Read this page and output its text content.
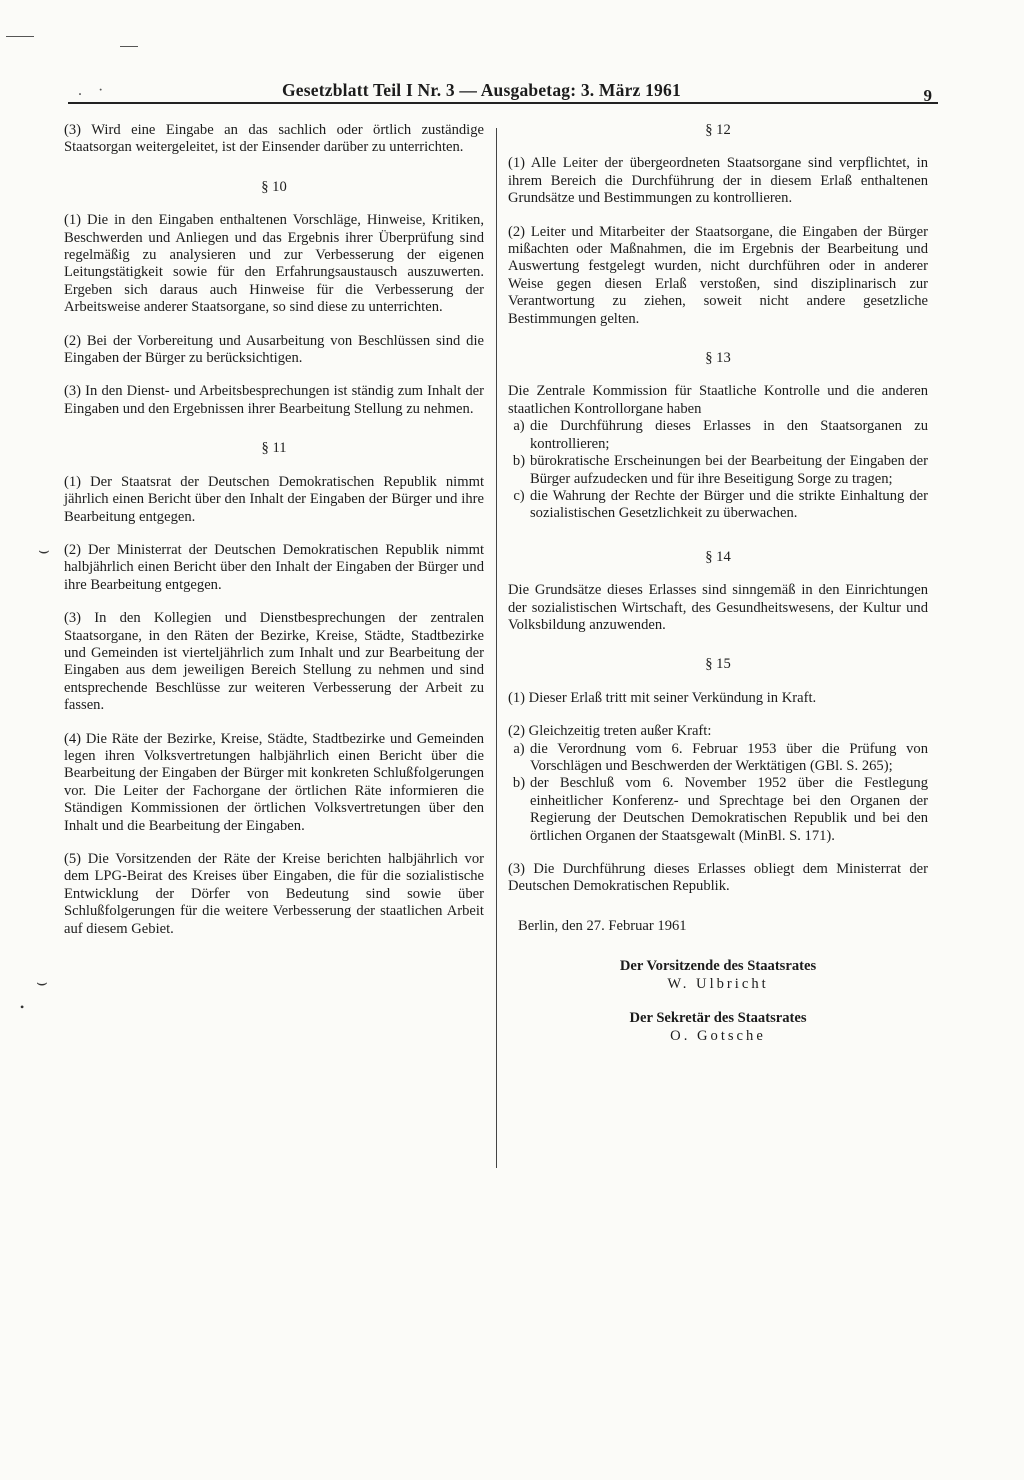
. ·	Gesetzblatt Teil I Nr. 3 — Ausgabetag: 3. März 1961	9
⌣
⌣
•

(3) Wird eine Eingabe an das sachlich oder örtlich zuständige Staatsorgan weitergeleitet, ist der Einsender darüber zu unterrichten.

§ 10

(1) Die in den Eingaben enthaltenen Vorschläge, Hinweise, Kritiken, Beschwerden und Anliegen und das Ergebnis ihrer Überprüfung sind regelmäßig zu analysieren und zur Verbesserung der eigenen Leitungstätigkeit sowie für den Erfahrungsaustausch auszuwerten. Ergeben sich daraus auch Hinweise für die Verbesserung der Arbeitsweise anderer Staatsorgane, so sind diese zu unterrichten.

(2) Bei der Vorbereitung und Ausarbeitung von Beschlüssen sind die Eingaben der Bürger zu berücksichtigen.

(3) In den Dienst- und Arbeitsbesprechungen ist ständig zum Inhalt der Eingaben und den Ergebnissen ihrer Bearbeitung Stellung zu nehmen.

§ 11

(1) Der Staatsrat der Deutschen Demokratischen Republik nimmt jährlich einen Bericht über den Inhalt der Eingaben der Bürger und ihre Bearbeitung entgegen.

(2) Der Ministerrat der Deutschen Demokratischen Republik nimmt halbjährlich einen Bericht über den Inhalt der Eingaben der Bürger und ihre Bearbeitung entgegen.

(3) In den Kollegien und Dienstbesprechungen der zentralen Staatsorgane, in den Räten der Bezirke, Kreise, Städte, Stadtbezirke und Gemeinden ist vierteljährlich zum Inhalt und zur Bearbeitung der Eingaben aus dem jeweiligen Bereich Stellung zu nehmen und sind entsprechende Beschlüsse zur weiteren Verbesserung der Arbeit zu fassen.

(4) Die Räte der Bezirke, Kreise, Städte, Stadtbezirke und Gemeinden legen ihren Volksvertretungen halbjährlich einen Bericht über die Bearbeitung der Eingaben der Bürger mit konkreten Schlußfolgerungen vor. Die Leiter der Fachorgane der örtlichen Räte informieren die Ständigen Kommissionen der örtlichen Volksvertretungen über den Inhalt und die Bearbeitung der Eingaben.

(5) Die Vorsitzenden der Räte der Kreise berichten halbjährlich vor dem LPG-Beirat des Kreises über Eingaben, die für die sozialistische Entwicklung der Dörfer von Bedeutung sind sowie über Schlußfolgerungen für die weitere Verbesserung der staatlichen Arbeit auf diesem Gebiet.

§ 12

(1) Alle Leiter der übergeordneten Staatsorgane sind verpflichtet, in ihrem Bereich die Durchführung der in diesem Erlaß enthaltenen Grundsätze und Bestimmungen zu kontrollieren.

(2) Leiter und Mitarbeiter der Staatsorgane, die Eingaben der Bürger mißachten oder Maßnahmen, die im Ergebnis der Bearbeitung und Auswertung festgelegt wurden, nicht durchführen oder in anderer Weise gegen diesen Erlaß verstoßen, sind disziplinarisch zur Verantwortung zu ziehen, soweit nicht andere gesetzliche Bestimmungen gelten.

§ 13

Die Zentrale Kommission für Staatliche Kontrolle und die anderen staatlichen Kontrollorgane haben

a) die Durchführung dieses Erlasses in den Staatsorganen zu kontrollieren;
b) bürokratische Erscheinungen bei der Bearbeitung der Eingaben der Bürger aufzudecken und für ihre Beseitigung Sorge zu tragen;
c) die Wahrung der Rechte der Bürger und die strikte Einhaltung der sozialistischen Gesetzlichkeit zu überwachen.

§ 14

Die Grundsätze dieses Erlasses sind sinngemäß in den Einrichtungen der sozialistischen Wirtschaft, des Gesundheitswesens, der Kultur und Volksbildung anzuwenden.

§ 15

(1) Dieser Erlaß tritt mit seiner Verkündung in Kraft.

(2) Gleichzeitig treten außer Kraft:

a) die Verordnung vom 6. Februar 1953 über die Prüfung von Vorschlägen und Beschwerden der Werktätigen (GBl. S. 265);
b) der Beschluß vom 6. November 1952 über die Festlegung einheitlicher Konferenz- und Sprechtage bei den Organen der Regierung der Deutschen Demokratischen Republik und bei den örtlichen Organen der Staatsgewalt (MinBl. S. 171).

(3) Die Durchführung dieses Erlasses obliegt dem Ministerrat der Deutschen Demokratischen Republik.

Berlin, den 27. Februar 1961

Der Vorsitzende des Staatsrates
W. Ulbricht
Der Sekretär des Staatsrates
O. Gotsche
